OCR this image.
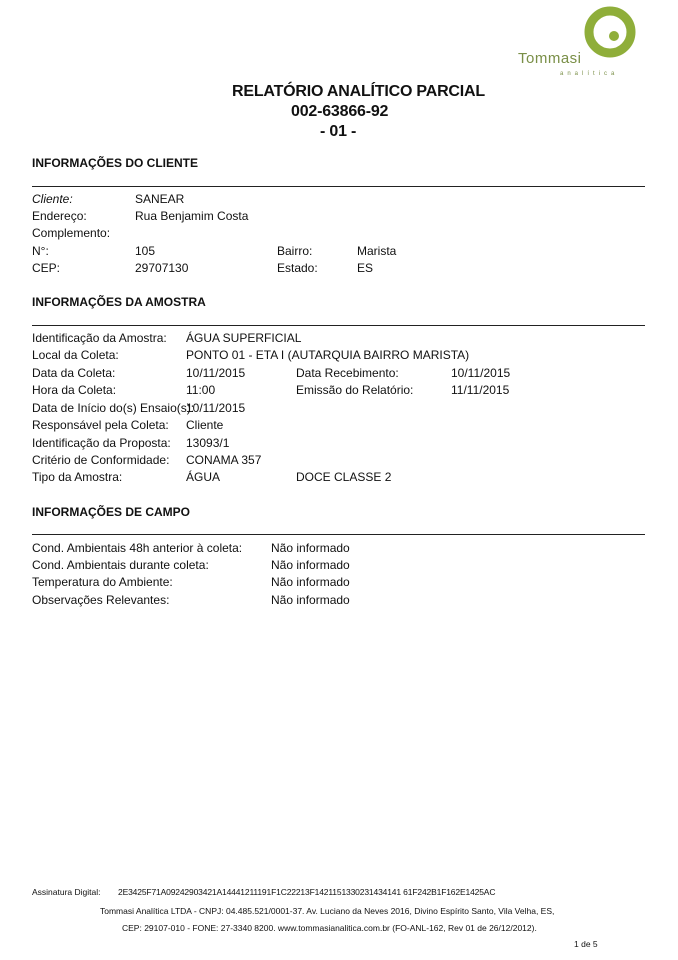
Tommasi
analítica
RELATÓRIO ANALÍTICO PARCIAL
002-63866-92
- 01 -
INFORMAÇÕES DO CLIENTE
Cliente:	SANEAR
Endereço:	Rua Benjamim Costa
Complemento:
N°:	105	Bairro:	Marista
CEP:	29707130	Estado:	ES
INFORMAÇÕES DA AMOSTRA
Identificação da Amostra: ÁGUA SUPERFICIAL
Local da Coleta:	PONTO 01 - ETA I (AUTARQUIA BAIRRO MARISTA)
Data da Coleta:	10/11/2015	Data Recebimento:	10/11/2015
Hora da Coleta:	11:00	Emissão do Relatório:	11/11/2015
Data de Início do(s) Ensaio(s):
10/11/2015
Responsável pela Coleta: Cliente
Identificação da Proposta: 13093/1
Critério de Conformidade: CONAMA 357
Tipo da Amostra:	ÁGUA	DOCE CLASSE 2
INFORMAÇÕES DE CAMPO
Cond. Ambientais 48h anterior à coleta: Não informado
Cond. Ambientais durante coleta:	Não informado
Temperatura do Ambiente:	Não informado
Observações Relevantes:	Não informado
Assinatura Digital: 2E3425F71A09242903421A14441211191F1C22213F1421151330231434141 61F242B1F162E1425AC
Tommasi Analítica LTDA - CNPJ: 04.485.521/0001-37. Av. Luciano da Neves 2016, Divino Espírito Santo, Vila Velha, ES,
CEP: 29107-010 - FONE: 27-3340 8200. www.tommasianalitica.com.br (FO-ANL-162, Rev 01 de 26/12/2012).
1 de 5
